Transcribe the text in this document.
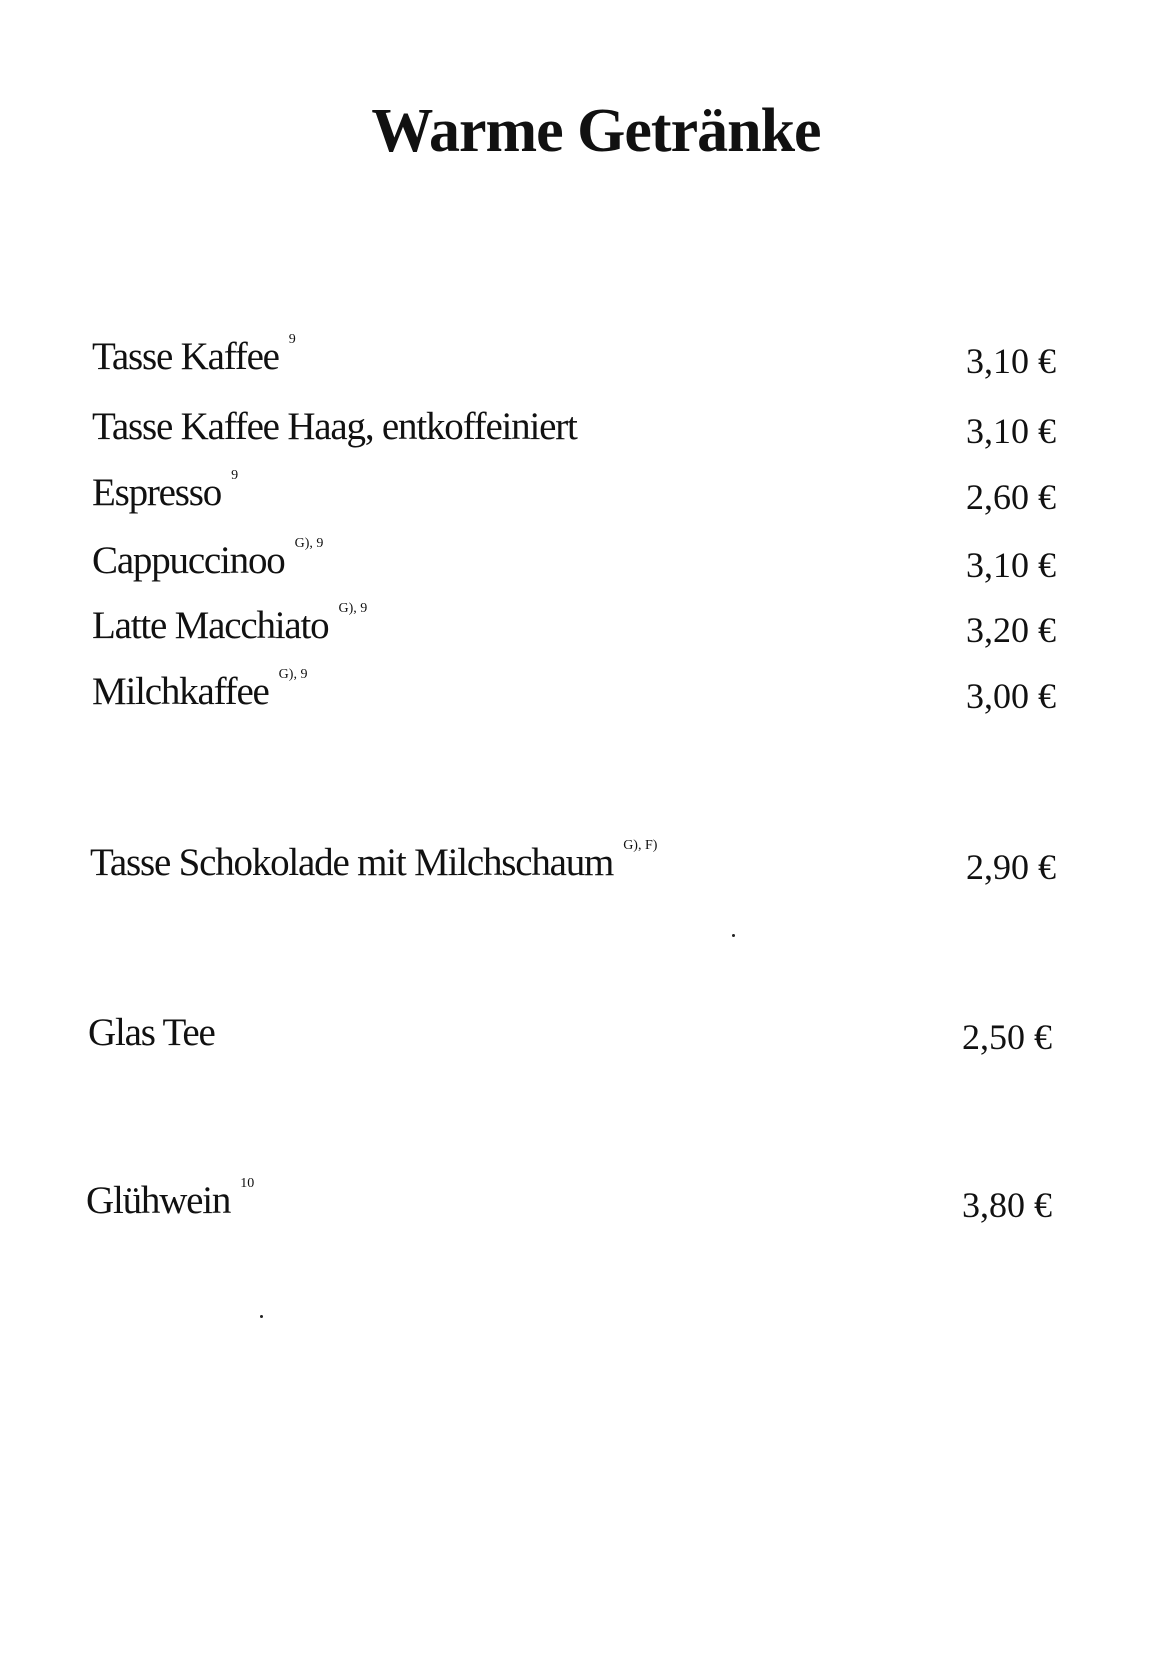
Warme Getränke
Tasse Kaffee $^9$
3,10 €
Tasse Kaffee Haag, entkoffeiniert	3,10 €
Espresso $^9$
2,60 €
Cappuccinoo $^{G), 9}$
3,10 €
Latte Macchiato $^{G), 9}$
3,20 €
Milchkaffee $^{G), 9}$
3,00 €
Tasse Schokolade mit Milchschaum $^{G), F)}$
2,90 €
Glas Tee	2,50 €
Glühwein $^{10}$
3,80 €
